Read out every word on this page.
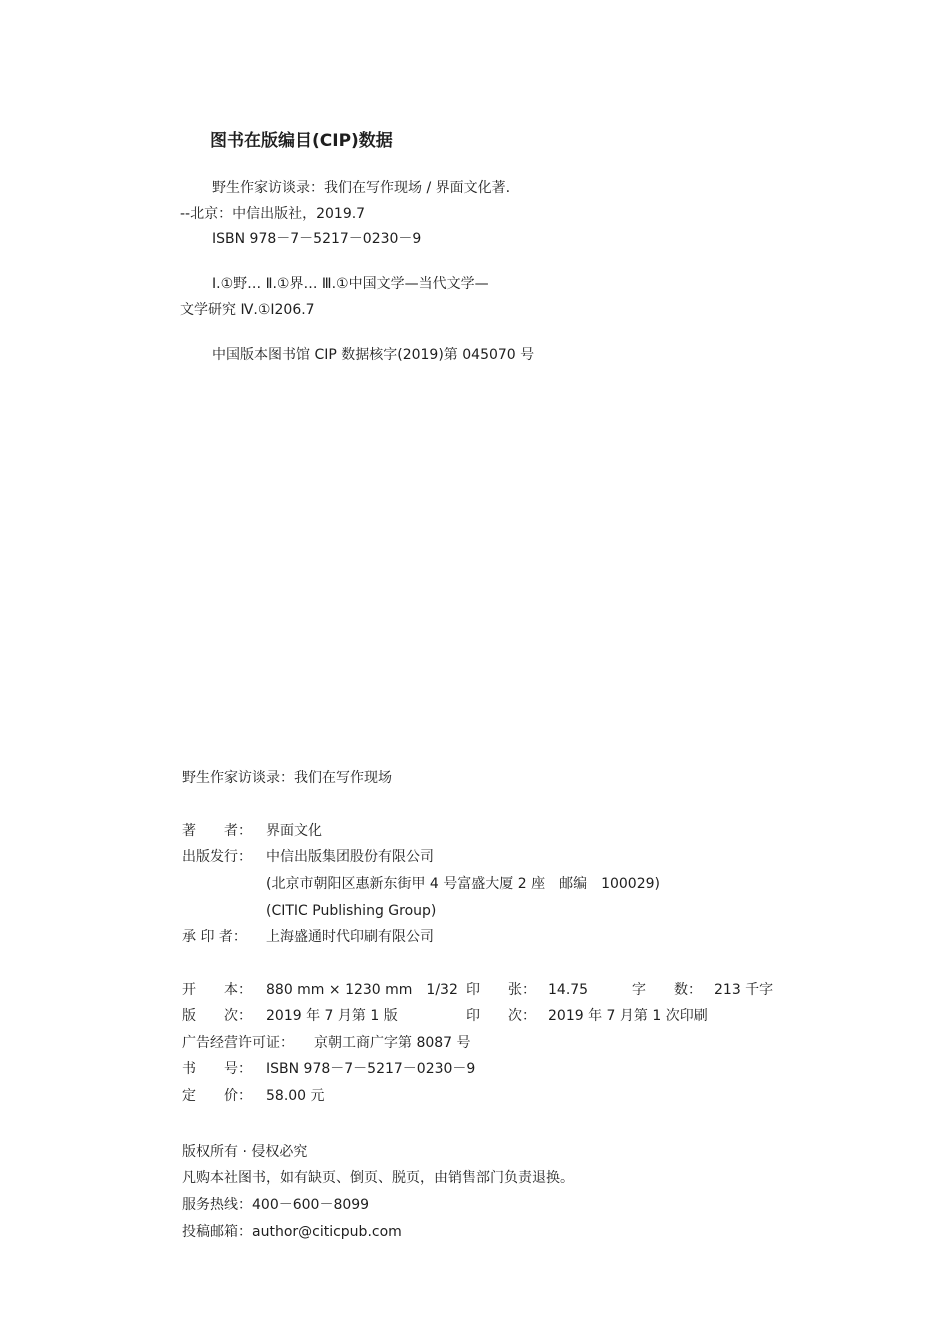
图书在版编目(CIP)数据
野生作家访谈录：我们在写作现场 / 界面文化著.
--北京：中信出版社，2019.7
ISBN 978－7－5217－0230－9
Ⅰ.①野… Ⅱ.①界… Ⅲ.①中国文学—当代文学—
文学研究 Ⅳ.①I206.7
中国版本图书馆 CIP 数据核字(2019)第 045070 号
野生作家访谈录：我们在写作现场
著　　者： 界面文化
出版发行： 中信出版集团股份有限公司
(北京市朝阳区惠新东街甲 4 号富盛大厦 2 座　邮编　100029)
(CITIC Publishing Group)
承 印 者： 上海盛通时代印刷有限公司
开　　本： 880 mm × 1230 mm　1/32 印　　张： 14.75	字　　数： 213 千字
版　　次： 2019 年 7 月第 1 版	印　　次： 2019 年 7 月第 1 次印刷
广告经营许可证： 京朝工商广字第 8087 号
书　　号： ISBN 978－7－5217－0230－9
定　　价： 58.00 元
版权所有 · 侵权必究
凡购本社图书，如有缺页、倒页、脱页，由销售部门负责退换。
服务热线：400－600－8099
投稿邮箱：author@citicpub.com
